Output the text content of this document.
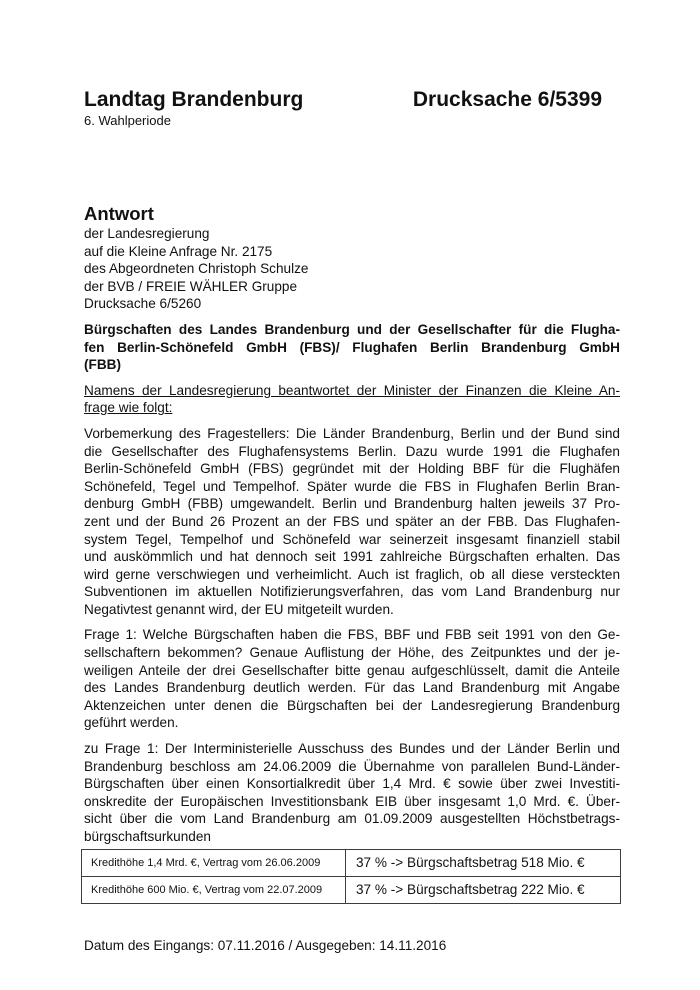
Landtag Brandenburg	Drucksache 6/5399
6. Wahlperiode
Antwort
der Landesregierung
auf die Kleine Anfrage Nr. 2175
des Abgeordneten Christoph Schulze
der BVB / FREIE WÄHLER Gruppe
Drucksache 6/5260
Bürgschaften des Landes Brandenburg und der Gesellschafter für die Flugha-
fen Berlin-Schönefeld GmbH (FBS)/ Flughafen Berlin Brandenburg GmbH
(FBB)
Namens der Landesregierung beantwortet der Minister der Finanzen die Kleine An-
frage wie folgt:
Vorbemerkung des Fragestellers: Die Länder Brandenburg, Berlin und der Bund sind
die Gesellschafter des Flughafensystems Berlin. Dazu wurde 1991 die Flughafen
Berlin-Schönefeld GmbH (FBS) gegründet mit der Holding BBF für die Flughäfen
Schönefeld, Tegel und Tempelhof. Später wurde die FBS in Flughafen Berlin Bran-
denburg GmbH (FBB) umgewandelt. Berlin und Brandenburg halten jeweils 37 Pro-
zent und der Bund 26 Prozent an der FBS und später an der FBB. Das Flughafen-
system Tegel, Tempelhof und Schönefeld war seinerzeit insgesamt finanziell stabil
und auskömmlich und hat dennoch seit 1991 zahlreiche Bürgschaften erhalten. Das
wird gerne verschwiegen und verheimlicht. Auch ist fraglich, ob all diese versteckten
Subventionen im aktuellen Notifizierungsverfahren, das vom Land Brandenburg nur
Negativtest genannt wird, der EU mitgeteilt wurden.
Frage 1: Welche Bürgschaften haben die FBS, BBF und FBB seit 1991 von den Ge-
sellschaftern bekommen? Genaue Auflistung der Höhe, des Zeitpunktes und der je-
weiligen Anteile der drei Gesellschafter bitte genau aufgeschlüsselt, damit die Anteile
des Landes Brandenburg deutlich werden. Für das Land Brandenburg mit Angabe
Aktenzeichen unter denen die Bürgschaften bei der Landesregierung Brandenburg
geführt werden.
zu Frage 1: Der Interministerielle Ausschuss des Bundes und der Länder Berlin und
Brandenburg beschloss am 24.06.2009 die Übernahme von parallelen Bund-Länder-
Bürgschaften über einen Konsortialkredit über 1,4 Mrd. € sowie über zwei Investiti-
onskredite der Europäischen Investitionsbank EIB über insgesamt 1,0 Mrd. €. Über-
sicht über die vom Land Brandenburg am 01.09.2009 ausgestellten Höchstbetrags-
bürgschaftsurkunden
Kredithöhe 1,4 Mrd. €, Vertrag vom 26.06.2009	37 % -> Bürgschaftsbetrag 518 Mio. €
Kredithöhe 600 Mio. €, Vertrag vom 22.07.2009	37 % -> Bürgschaftsbetrag 222 Mio. €
Datum des Eingangs: 07.11.2016 / Ausgegeben: 14.11.2016
